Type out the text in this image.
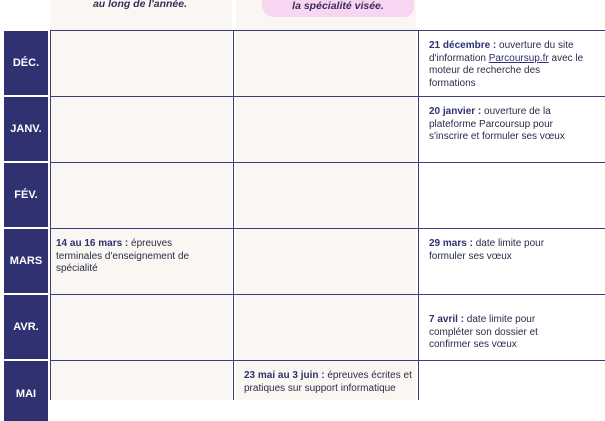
au long de l'année.	la spécialité visée.
DÉC.
JANV.
FÉV.
MARS
AVR.
MAI
21 décembre : ouverture du site d'information Parcoursup.fr avec le moteur de recherche des formations
20 janvier : ouverture de la plateforme Parcoursup pour s'inscrire et formuler ses vœux
14 au 16 mars : épreuves terminales d'enseignement de spécialité
29 mars : date limite pour formuler ses vœux
7 avril : date limite pour compléter son dossier et confirmer ses vœux
23 mai au 3 juin : épreuves écrites et pratiques sur support informatique
